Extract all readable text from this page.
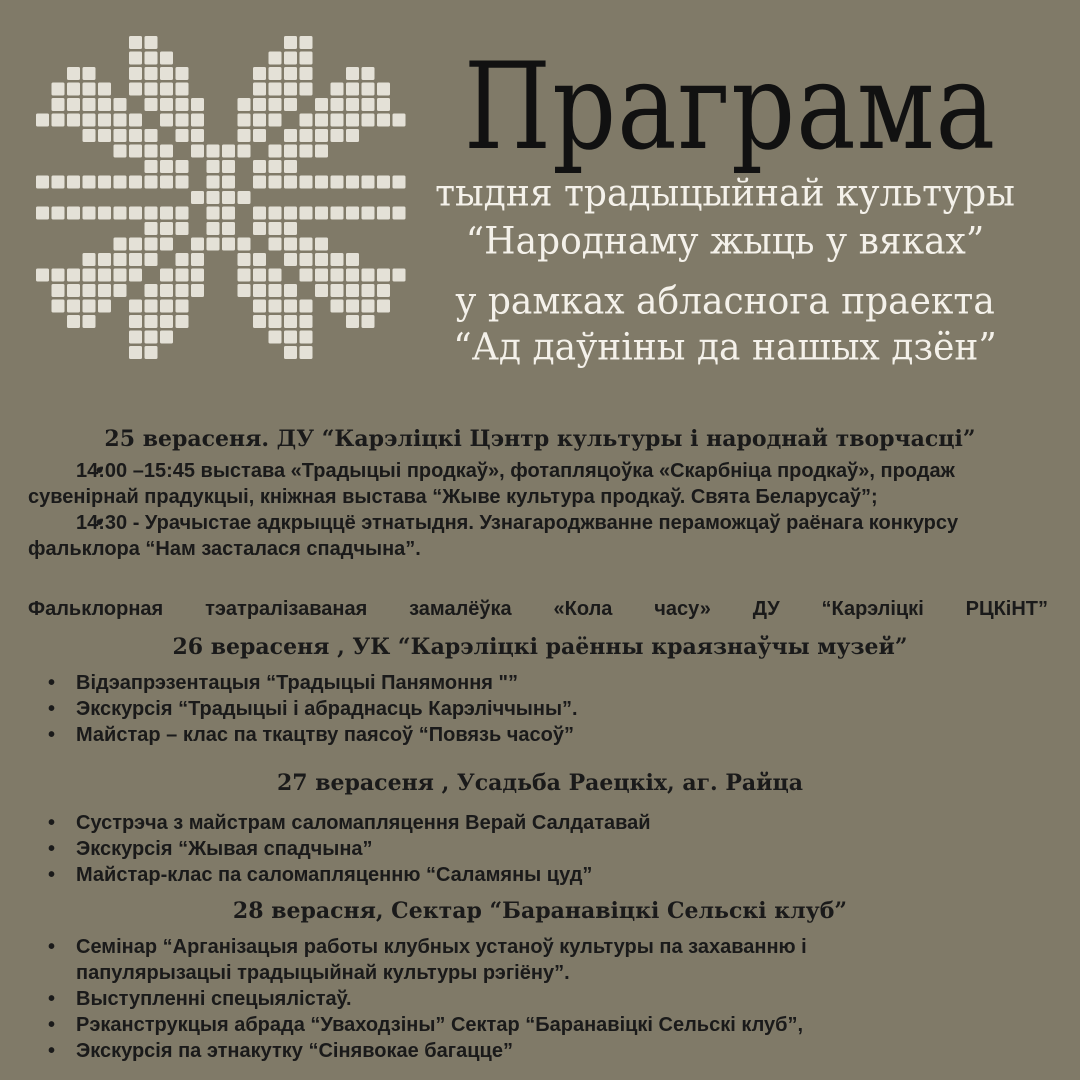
Праграма

тыдня традыцыйнай культуры

“Народнаму жыць у вяках”

у рамках абласнога праекта

“Ад даўніны да нашых дзён”

25 верасеня. ДУ “Карэліцкі Цэнтр культуры і народнай творчасці”
• 14:00 –15:45 выстава «Традыцыі продкаў», фотапляцоўка «Скарбніца продкаў», продаж сувенірнай прадукцыі, кніжная выстава “Жыве культура продкаў. Свята Беларусаў”;
• 14:30 - Урачыстае адкрыццё этнатыдня. Узнагароджванне пераможцаў раёнага конкурсу фальклора “Нам засталася спадчына”.
Фальклорная тэатралізаваная замалёўка «Кола часу» ДУ “Карэліцкі РЦКіНТ”
26 верасеня , УК “Карэліцкі раённы краязнаўчы музей”
• Відэапрэзентацыя “Традыцыі Панямоння "”
• Экскурсія “Традыцыі і абраднасць Карэліччыны”.
• Майстар – клас па ткацтву паясоў “Повязь часоў”
27 верасеня , Усадьба Раецкіх, аг. Райца
• Сустрэча з майстрам саломапляцення Верай Салдатавай
• Экскурсія “Жывая спадчына”
• Майстар-клас па саломапляценню “Саламяны цуд”
28 верасня, Сектар “Баранавіцкі Сельскі клуб”
• Семінар “Арганізацыя работы клубных устаноў культуры па захаванню і
папулярызацыі традыцыйнай культуры рэгіёну”.
• Выступленні спецыялістаў.
• Рэканструкцыя абрада “Уваходзіны” Сектар “Баранавіцкі Сельскі клуб”,
• Экскурсія па этнакутку “Сінявокае багацце”
